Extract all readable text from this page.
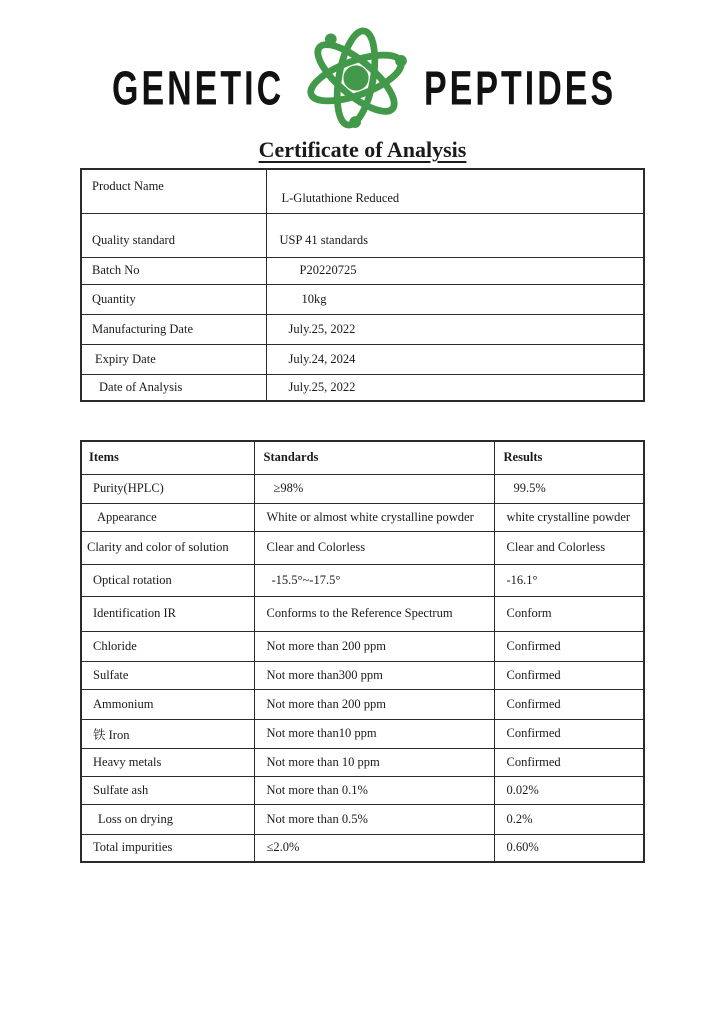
GENETIC	PEPTIDES
Certificate of Analysis
Product Name	L-Glutathione Reduced
Quality standard	USP 41 standards
Batch No	P20220725
Quantity	10kg
Manufacturing Date	July.25, 2022
Expiry Date	July.24, 2024
Date of Analysis	July.25, 2022
Items	Standards	Results
Purity(HPLC)	≥98%	99.5%
Appearance	White or almost white crystalline powder	white crystalline powder
Clarity and color of solution	Clear and Colorless	Clear and Colorless
Optical rotation	-15.5°~-17.5°	-16.1°
Identification IR	Conforms to the Reference Spectrum	Conform
Chloride	Not more than 200 ppm	Confirmed
Sulfate	Not more than300 ppm	Confirmed
Ammonium	Not more than 200 ppm	Confirmed
铁 Iron	Not more than10 ppm	Confirmed
Heavy metals	Not more than 10 ppm	Confirmed
Sulfate ash	Not more than 0.1%	0.02%
Loss on drying	Not more than 0.5%	0.2%
Total impurities	≤2.0%	0.60%
